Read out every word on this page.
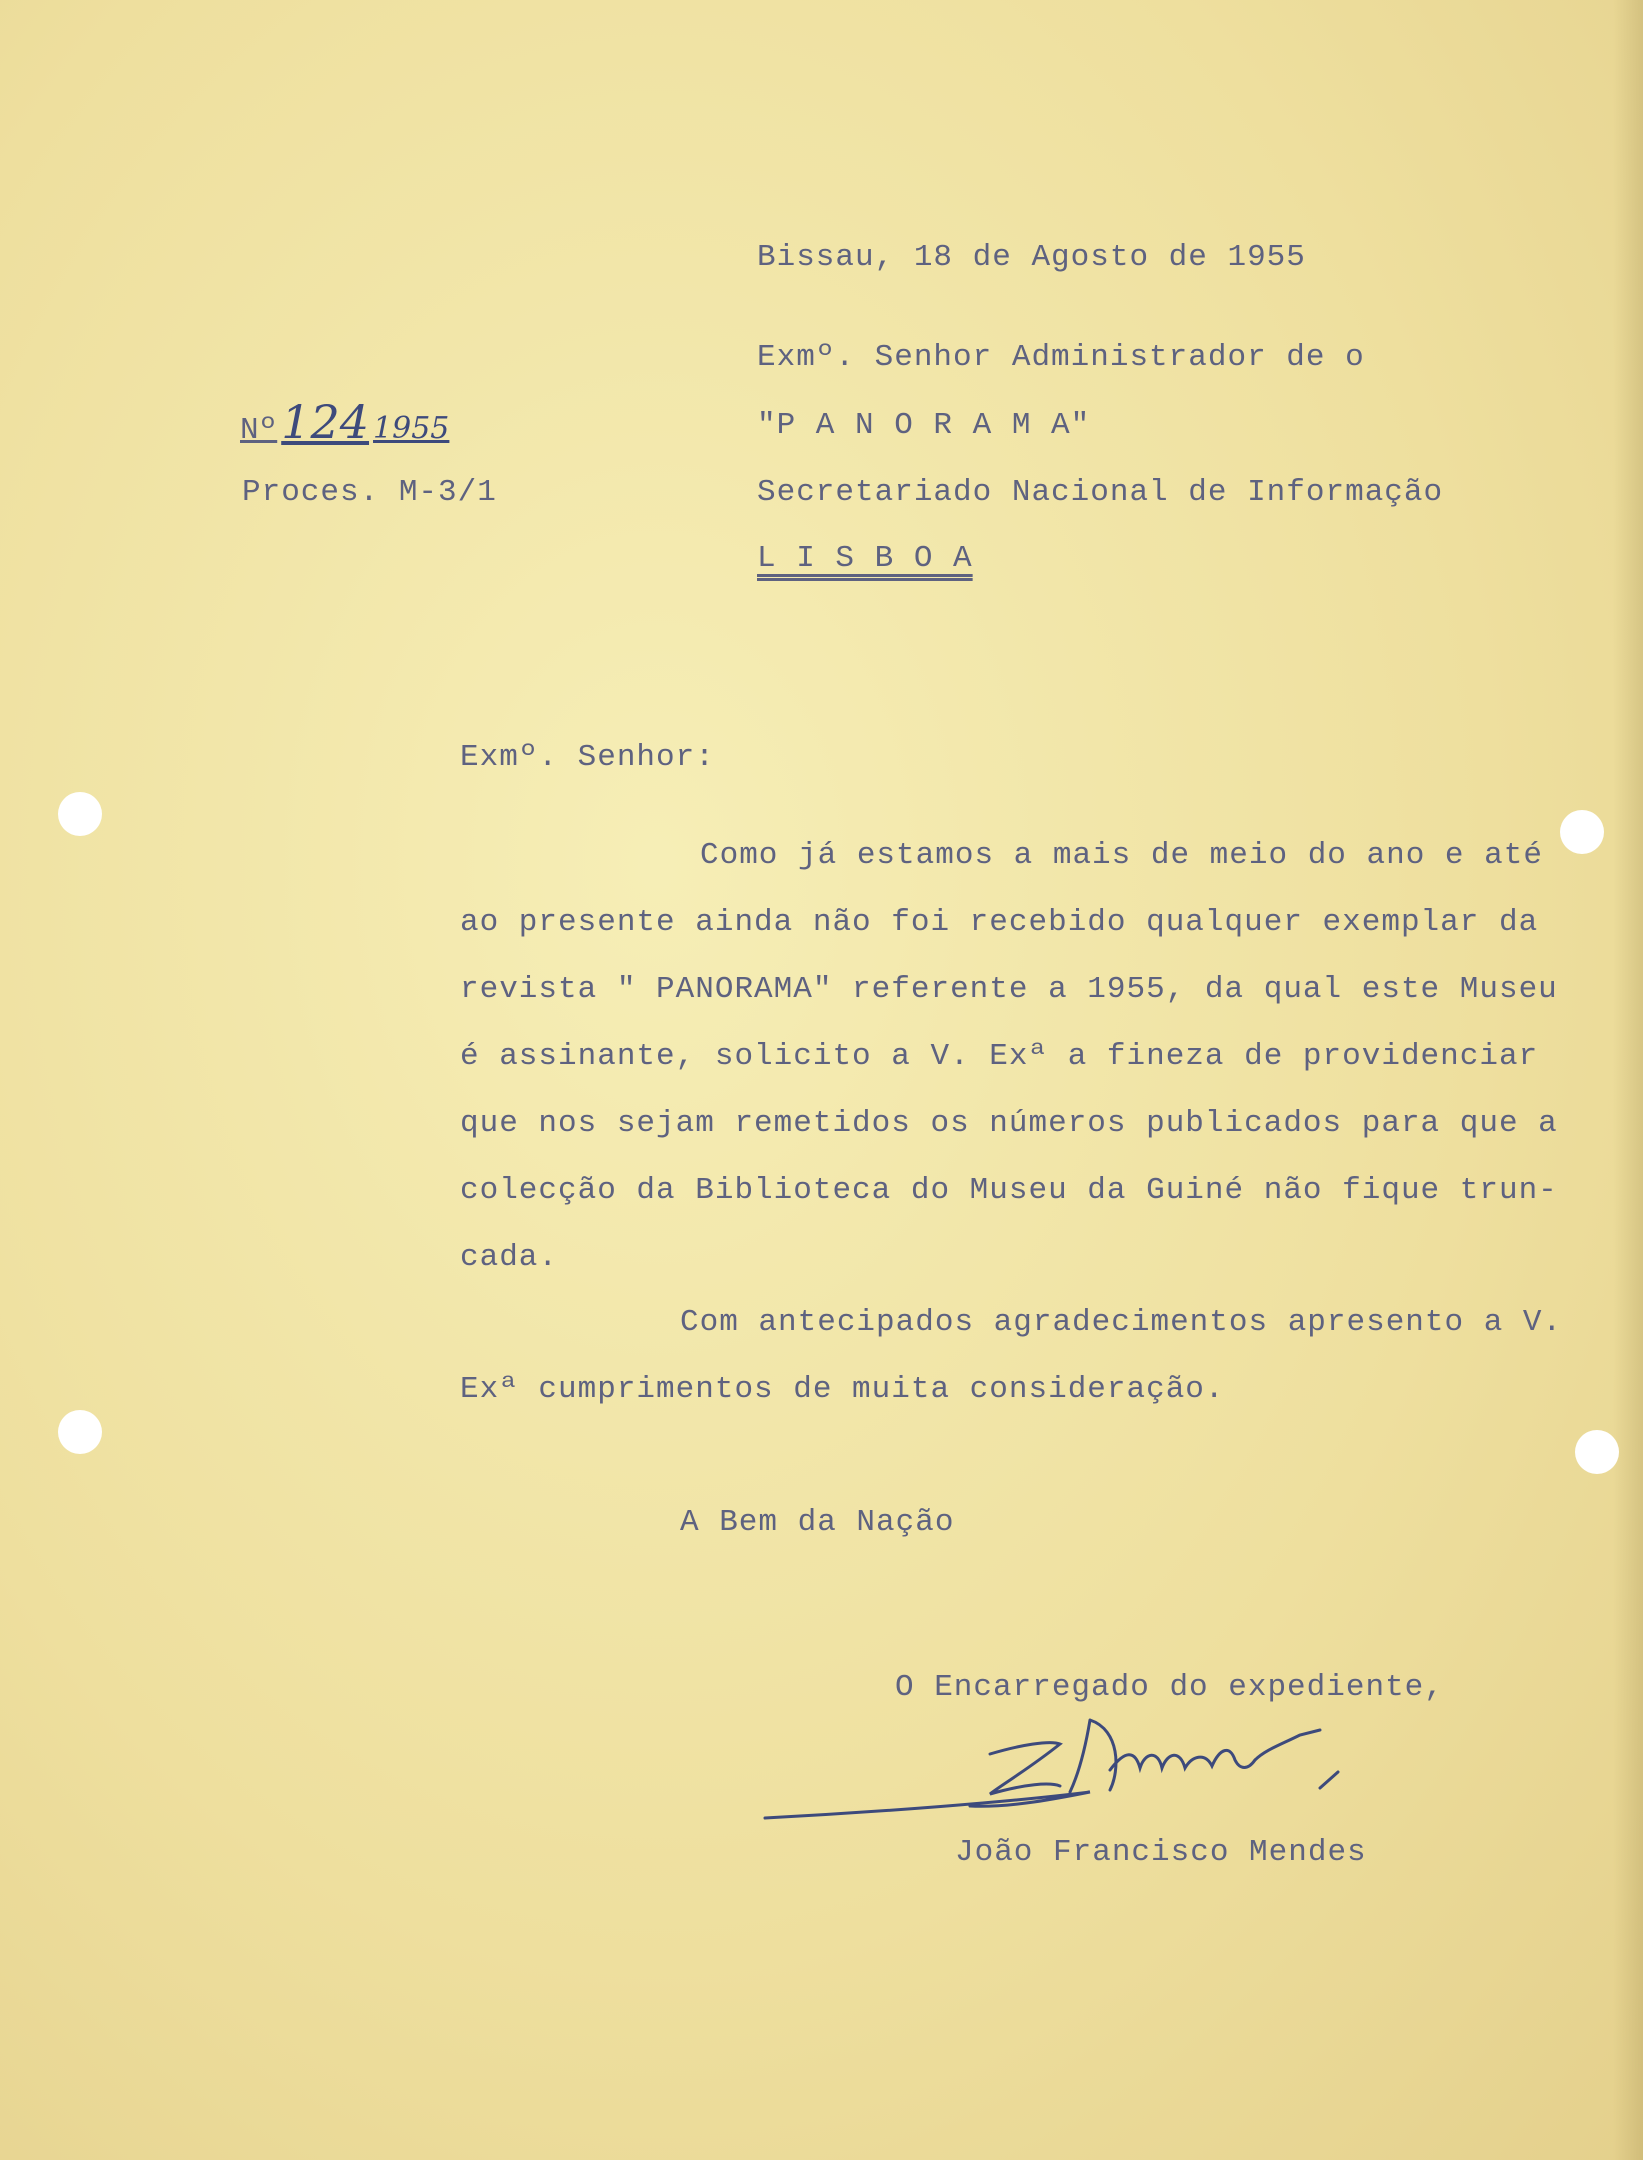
Bissau, 18 de Agosto de 1955
Nº124 1955
Proces. M-3/1
Exmº. Senhor Administrador de o
"P A N O R A M A"
Secretariado Nacional de Informação
L I S B O A
Exmº. Senhor:
Como já estamos a mais de meio do ano e até
ao presente ainda não foi recebido qualquer exemplar da
revista " PANORAMA" referente a 1955, da qual este Museu
é assinante, solicito a V. Exª a fineza de providenciar
que nos sejam remetidos os números publicados para que a
colecção da Biblioteca do Museu da Guiné não fique trun-
cada.
Com antecipados agradecimentos apresento a V.
Exª cumprimentos de muita consideração.
A Bem da Nação
O Encarregado do expediente,
João Francisco Mendes
